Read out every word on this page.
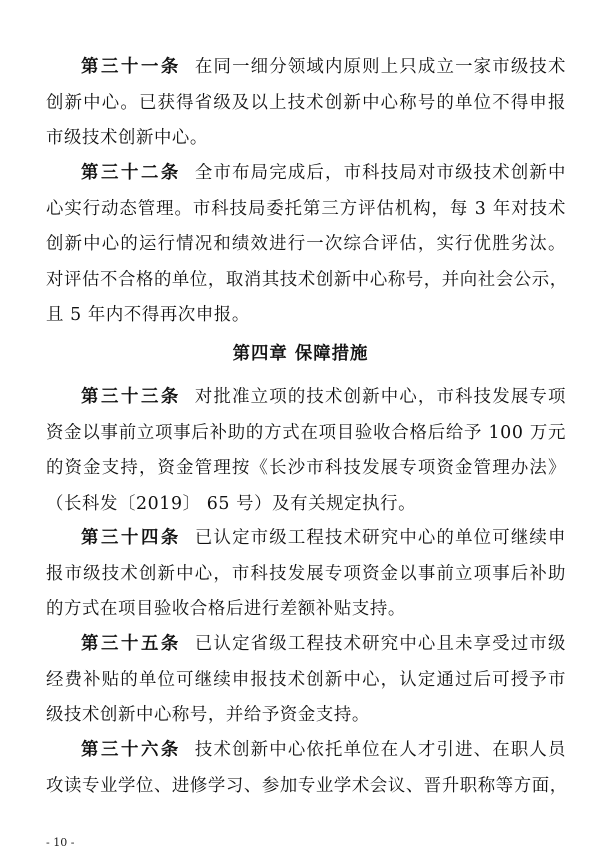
第三十一条 在同一细分领域内原则上只成立一家市级技术
创新中心。已获得省级及以上技术创新中心称号的单位不得申报
市级技术创新中心。
第三十二条 全市布局完成后，市科技局对市级技术创新中
心实行动态管理。市科技局委托第三方评估机构，每 3 年对技术
创新中心的运行情况和绩效进行一次综合评估，实行优胜劣汰。
对评估不合格的单位，取消其技术创新中心称号，并向社会公示，
且 5 年内不得再次申报。
第四章 保障措施
第三十三条 对批准立项的技术创新中心，市科技发展专项
资金以事前立项事后补助的方式在项目验收合格后给予 100 万元
的资金支持，资金管理按《长沙市科技发展专项资金管理办法》
（长科发〔2019〕 65 号）及有关规定执行。
第三十四条 已认定市级工程技术研究中心的单位可继续申
报市级技术创新中心，市科技发展专项资金以事前立项事后补助
的方式在项目验收合格后进行差额补贴支持。
第三十五条 已认定省级工程技术研究中心且未享受过市级
经费补贴的单位可继续申报技术创新中心，认定通过后可授予市
级技术创新中心称号，并给予资金支持。
第三十六条 技术创新中心依托单位在人才引进、在职人员
攻读专业学位、进修学习、参加专业学术会议、晋升职称等方面，
- 10 -
